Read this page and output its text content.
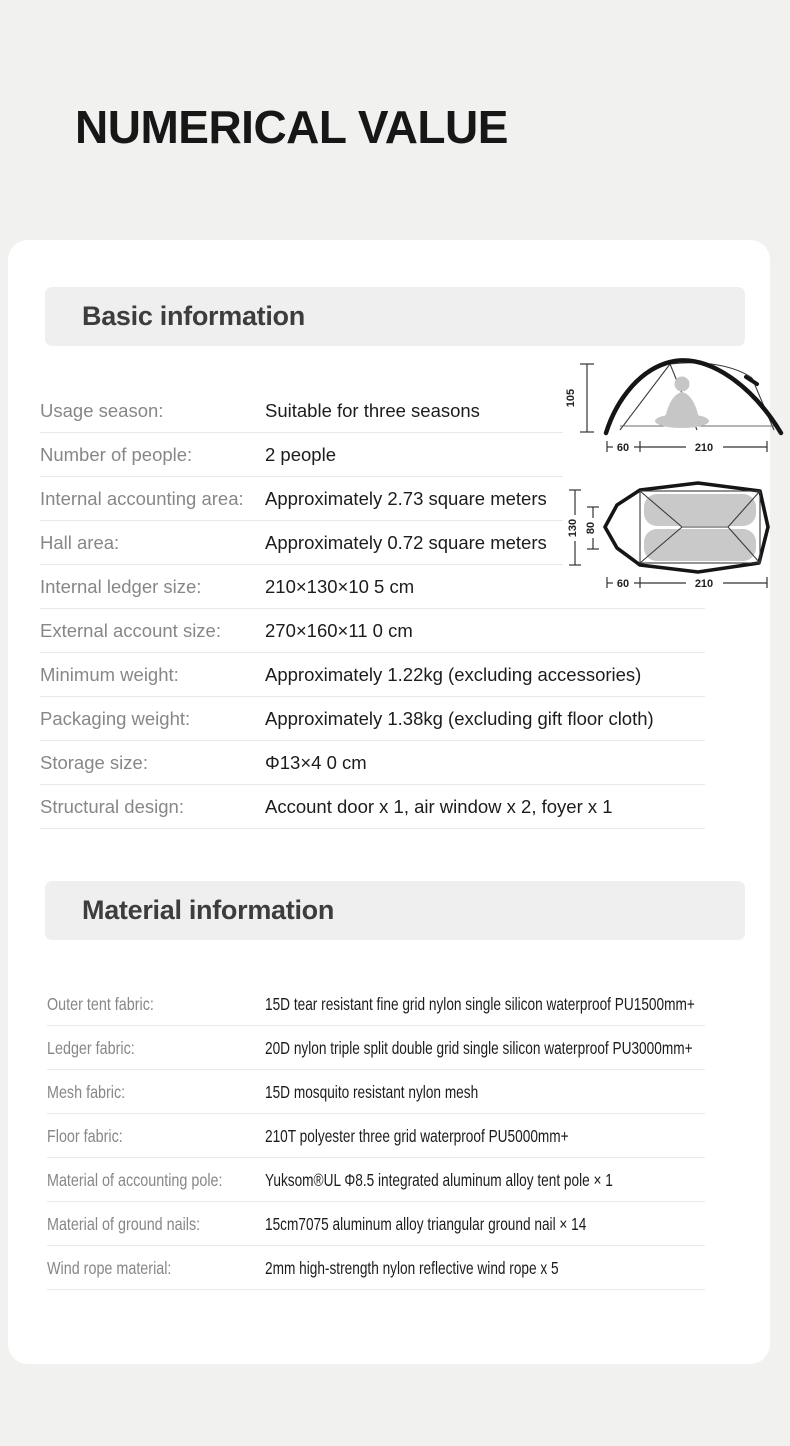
NUMERICAL VALUE
Basic information
Usage season:	Suitable for three seasons
Number of people:	2 people
Internal accounting area:	Approximately 2.73 square meters
Hall area:	Approximately 0.72 square meters
Internal ledger size:	210×130×10 5 cm
External account size:	270×160×11 0 cm
Minimum weight:	Approximately 1.22kg (excluding accessories)
Packaging weight:	Approximately 1.38kg (excluding gift floor cloth)
Storage size:	Φ13×4 0 cm
Structural design:	Account door x 1, air window x 2, foyer x 1
105
60	210
130 80
60	210
Material information
Outer tent fabric:	15D tear resistant fine grid nylon single silicon waterproof PU1500mm+
Ledger fabric:	20D nylon triple split double grid single silicon waterproof PU3000mm+
Mesh fabric:	15D mosquito resistant nylon mesh
Floor fabric:	210T polyester three grid waterproof PU5000mm+
Material of accounting pole:	Yuksom®UL Φ8.5 integrated aluminum alloy tent pole × 1
Material of ground nails:	15cm7075 aluminum alloy triangular ground nail × 14
Wind rope material:	2mm high-strength nylon reflective wind rope x 5
